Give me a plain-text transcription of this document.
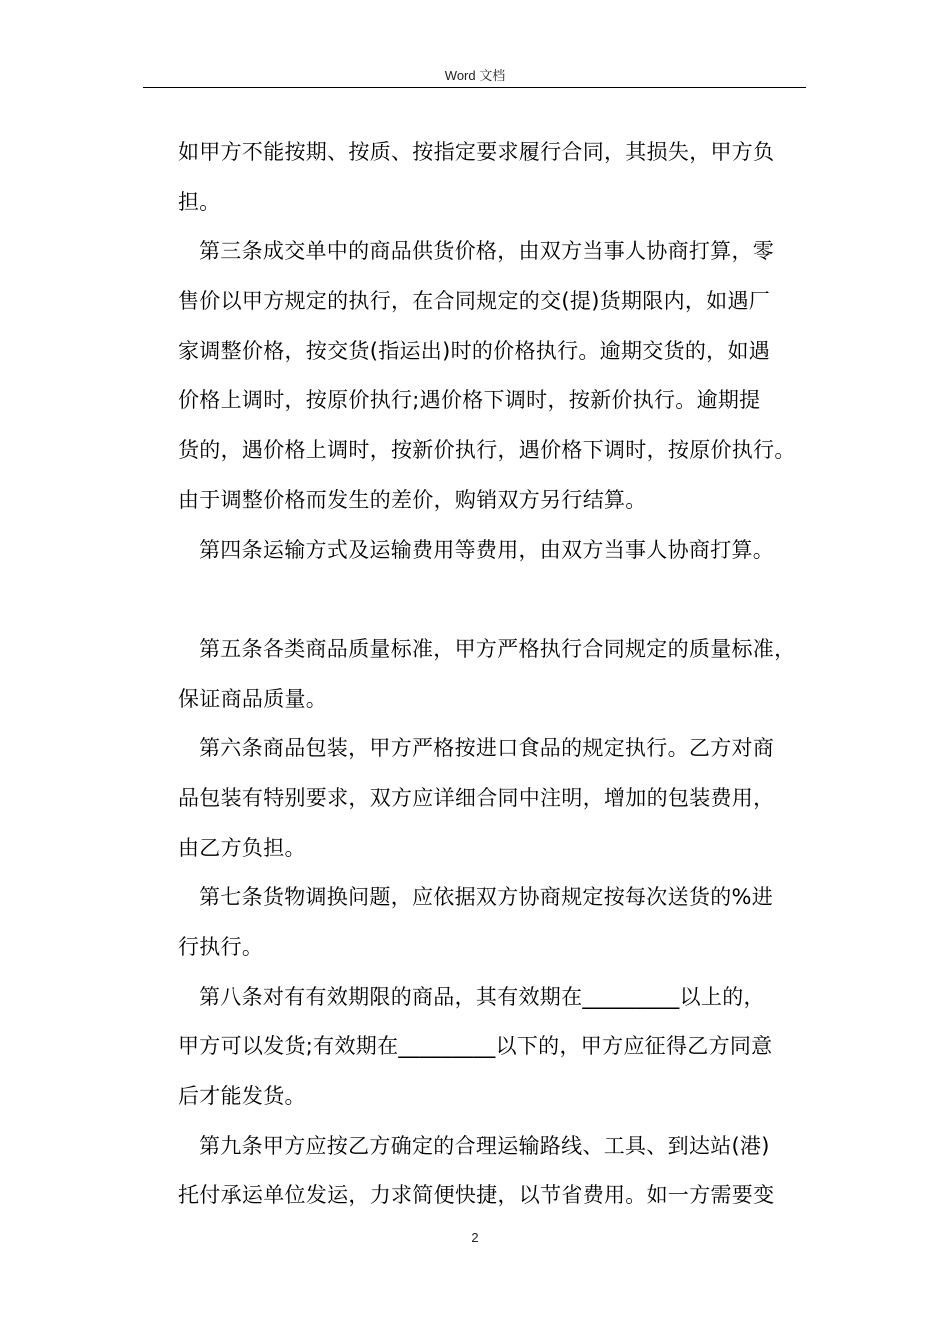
Word 文档
如甲方不能按期、按质、按指定要求履行合同，其损失，甲方负
担。
第三条成交单中的商品供货价格，由双方当事人协商打算，零
售价以甲方规定的执行，在合同规定的交(提)货期限内，如遇厂
家调整价格，按交货(指运出)时的价格执行。逾期交货的，如遇
价格上调时，按原价执行;遇价格下调时，按新价执行。逾期提
货的，遇价格上调时，按新价执行，遇价格下调时，按原价执行。
由于调整价格而发生的差价，购销双方另行结算。
第四条运输方式及运输费用等费用，由双方当事人协商打算。
第五条各类商品质量标准，甲方严格执行合同规定的质量标准，
保证商品质量。
第六条商品包装，甲方严格按进口食品的规定执行。乙方对商
品包装有特别要求，双方应详细合同中注明，增加的包装费用，
由乙方负担。
第七条货物调换问题，应依据双方协商规定按每次送货的%进
行执行。
第八条对有有效期限的商品，其有效期在_________以上的，
甲方可以发货;有效期在_________以下的，甲方应征得乙方同意
后才能发货。
第九条甲方应按乙方确定的合理运输路线、工具、到达站(港)
托付承运单位发运，力求简便快捷，以节省费用。如一方需要变
2
